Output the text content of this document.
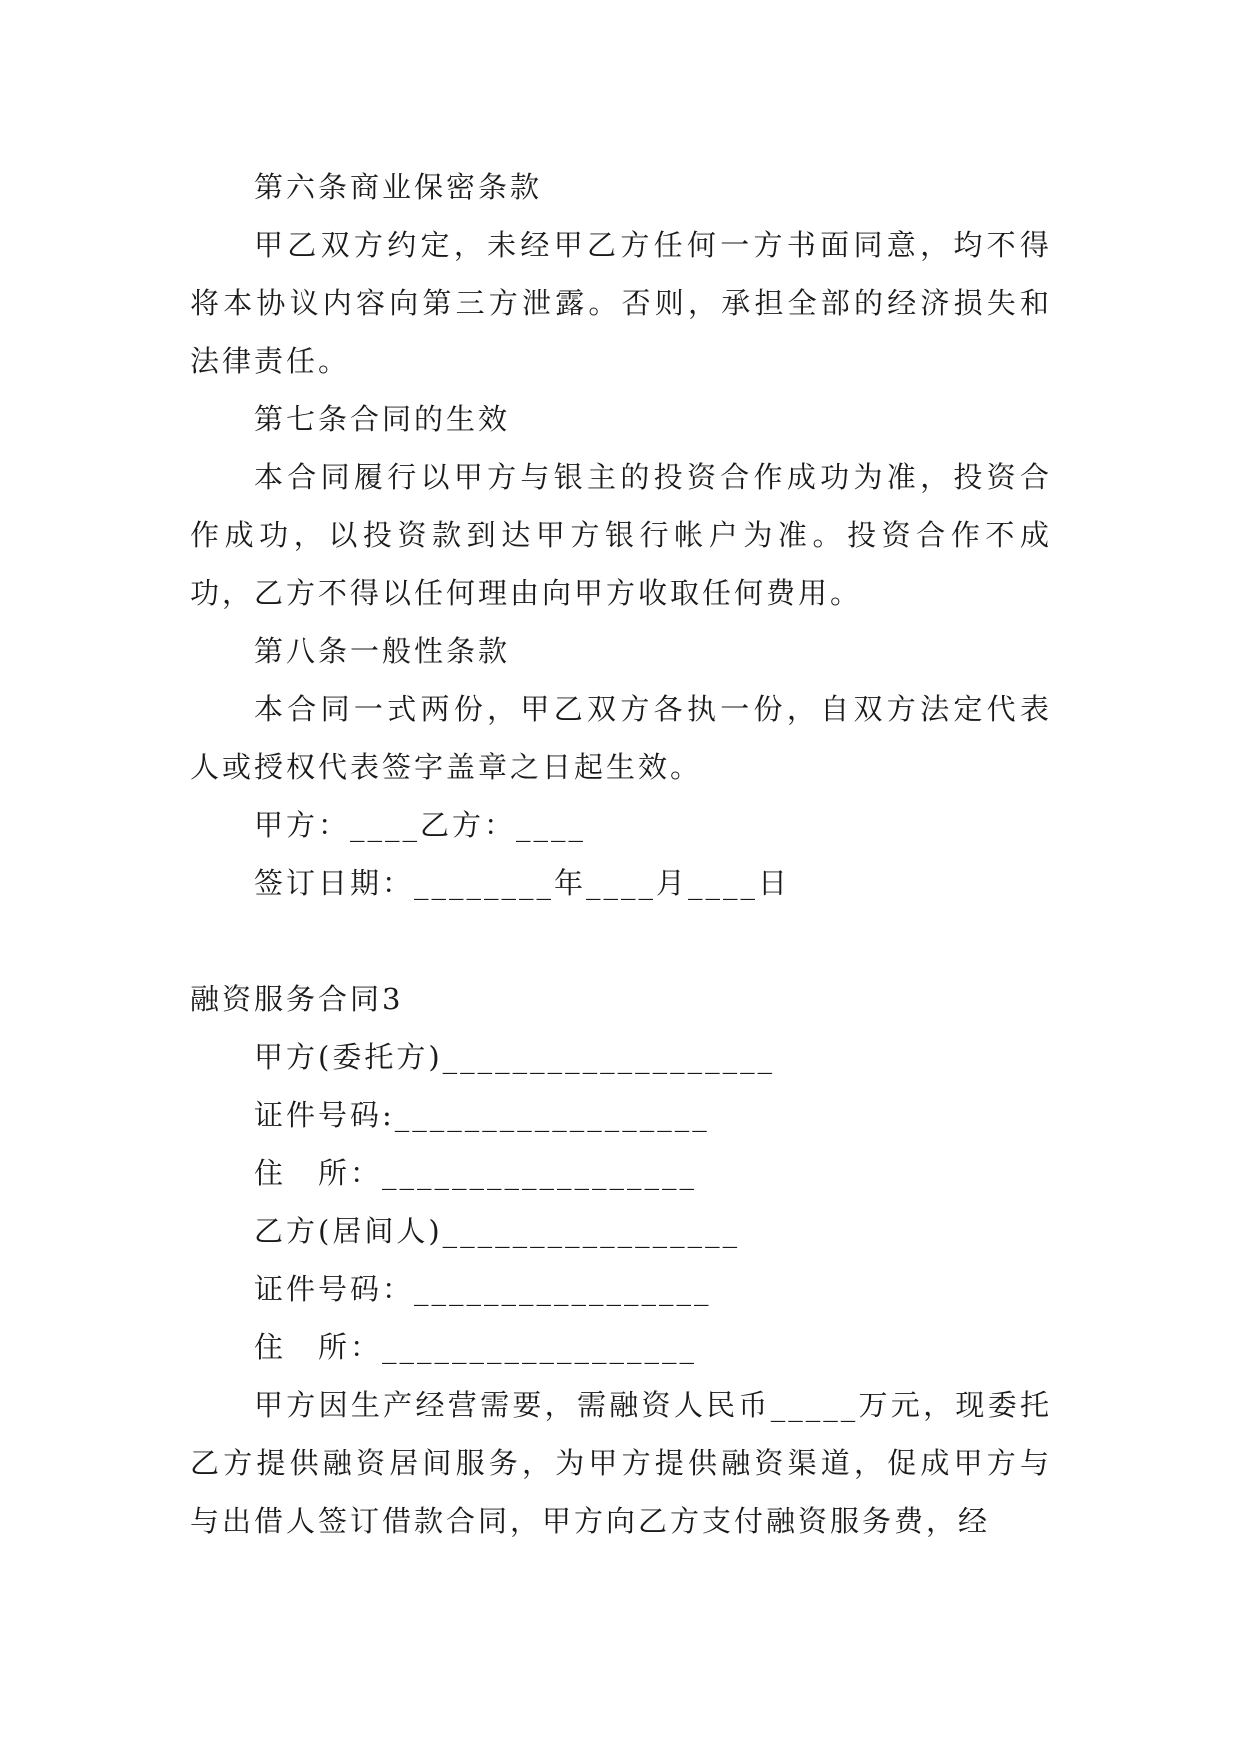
第六条商业保密条款

甲乙双方约定，未经甲乙方任何一方书面同意，均不得将本协议内容向第三方泄露。否则，承担全部的经济损失和法律责任。

第七条合同的生效

本合同履行以甲方与银主的投资合作成功为准，投资合作成功，以投资款到达甲方银行帐户为准。投资合作不成功，乙方不得以任何理由向甲方收取任何费用。

第八条一般性条款

本合同一式两份，甲乙双方各执一份，自双方法定代表人或授权代表签字盖章之日起生效。

甲方：____乙方：____

签订日期：________年____月____日

融资服务合同3

甲方(委托方)___________________

证件号码:__________________

住　所：__________________

乙方(居间人)_________________

证件号码：_________________

住　所：__________________

甲方因生产经营需要，需融资人民币_____万元，现委托乙方提供融资居间服务，为甲方提供融资渠道，促成甲方与与出借人签订借款合同，甲方向乙方支付融资服务费，经
